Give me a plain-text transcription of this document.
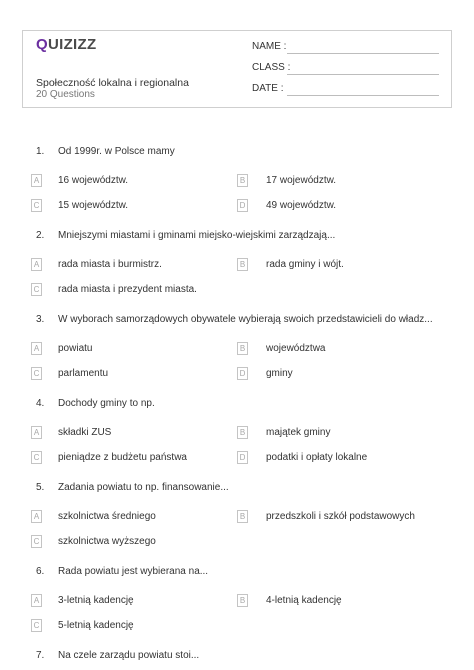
QUIZIZZ
Społeczność lokalna i regionalna
20 Questions
NAME :
CLASS :
DATE :
1. Od 1999r. w Polsce mamy
A 16 województw.	B 17 województw.
C 15 województw.	D 49 województw.
2. Mniejszymi miastami i gminami miejsko-wiejskimi zarządzają...
A rada miasta i burmistrz.	B rada gminy i wójt.
C rada miasta i prezydent miasta.
3. W wyborach samorządowych obywatele wybierają swoich przedstawicieli do władz...
A powiatu	B województwa
C parlamentu	D gminy
4. Dochody gminy to np.
A składki ZUS	B majątek gminy
C pieniądze z budżetu państwa	D podatki i opłaty lokalne
5. Zadania powiatu to np. finansowanie...
A szkolnictwa średniego	B przedszkoli i szkół podstawowych
C szkolnictwa wyższego
6. Rada powiatu jest wybierana na...
A 3-letnią kadencję	B 4-letnią kadencję
C 5-letnią kadencję
7. Na czele zarządu powiatu stoi...
